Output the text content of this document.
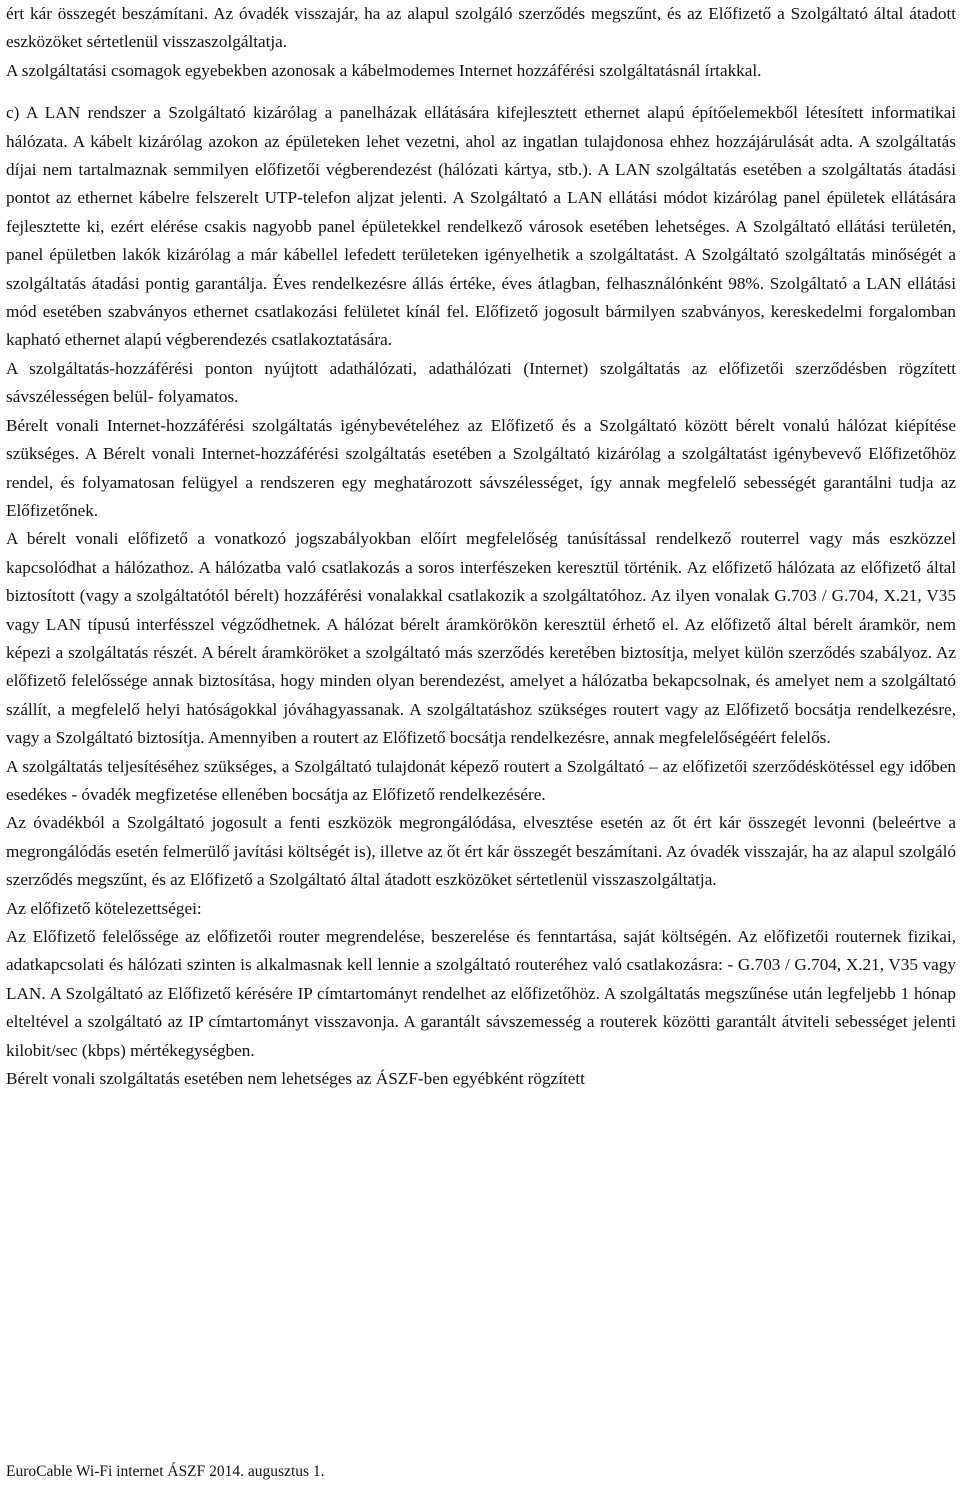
ért kár összegét beszámítani. Az óvadék visszajár, ha az alapul szolgáló szerződés megszűnt, és az Előfizető a Szolgáltató által átadott eszközöket sértetlenül visszaszolgáltatja.

A szolgáltatási csomagok egyebekben azonosak a kábelmodemes Internet hozzáférési szolgáltatásnál írtakkal.

c) A LAN rendszer a Szolgáltató kizárólag a panelházak ellátására kifejlesztett ethernet alapú építőelemekből létesített informatikai hálózata. A kábelt kizárólag azokon az épületeken lehet vezetni, ahol az ingatlan tulajdonosa ehhez hozzájárulását adta. A szolgáltatás díjai nem tartalmaznak semmilyen előfizetői végberendezést (hálózati kártya, stb.). A LAN szolgáltatás esetében a szolgáltatás átadási pontot az ethernet kábelre felszerelt UTP-telefon aljzat jelenti. A Szolgáltató a LAN ellátási módot kizárólag panel épületek ellátására fejlesztette ki, ezért elérése csakis nagyobb panel épületekkel rendelkező városok esetében lehetséges. A Szolgáltató ellátási területén, panel épületben lakók kizárólag a már kábellel lefedett területeken igényelhetik a szolgáltatást. A Szolgáltató szolgáltatás minőségét a szolgáltatás átadási pontig garantálja. Éves rendelkezésre állás értéke, éves átlagban, felhasználónként 98%. Szolgáltató a LAN ellátási mód esetében szabványos ethernet csatlakozási felületet kínál fel. Előfizető jogosult bármilyen szabványos, kereskedelmi forgalomban kapható ethernet alapú végberendezés csatlakoztatására.

A szolgáltatás-hozzáférési ponton nyújtott adathálózati, adathálózati (Internet) szolgáltatás az előfizetői szerződésben rögzített sávszélességen belül- folyamatos.

Bérelt vonali Internet-hozzáférési szolgáltatás igénybevételéhez az Előfizető és a Szolgáltató között bérelt vonalú hálózat kiépítése szükséges. A Bérelt vonali Internet-hozzáférési szolgáltatás esetében a Szolgáltató kizárólag a szolgáltatást igénybevevő Előfizetőhöz rendel, és folyamatosan felügyel a rendszeren egy meghatározott sávszélességet, így annak megfelelő sebességét garantálni tudja az Előfizetőnek.

A bérelt vonali előfizető a vonatkozó jogszabályokban előírt megfelelőség tanúsítással rendelkező routerrel vagy más eszközzel kapcsolódhat a hálózathoz. A hálózatba való csatlakozás a soros interfészeken keresztül történik. Az előfizető hálózata az előfizető által biztosított (vagy a szolgáltatótól bérelt) hozzáférési vonalakkal csatlakozik a szolgáltatóhoz. Az ilyen vonalak G.703 / G.704, X.21, V35 vagy LAN típusú interfésszel végződhetnek. A hálózat bérelt áramkörökön keresztül érhető el. Az előfizető által bérelt áramkör, nem képezi a szolgáltatás részét. A bérelt áramköröket a szolgáltató más szerződés keretében biztosítja, melyet külön szerződés szabályoz. Az előfizető felelőssége annak biztosítása, hogy minden olyan berendezést, amelyet a hálózatba bekapcsolnak, és amelyet nem a szolgáltató szállít, a megfelelő helyi hatóságokkal jóváhagyassanak. A szolgáltatáshoz szükséges routert vagy az Előfizető bocsátja rendelkezésre, vagy a Szolgáltató biztosítja. Amennyiben a routert az Előfizető bocsátja rendelkezésre, annak megfelelőségéért felelős.

A szolgáltatás teljesítéséhez szükséges, a Szolgáltató tulajdonát képező routert a Szolgáltató – az előfizetői szerződéskötéssel egy időben esedékes - óvadék megfizetése ellenében bocsátja az Előfizető rendelkezésére.

Az óvadékból a Szolgáltató jogosult a fenti eszközök megrongálódása, elvesztése esetén az őt ért kár összegét levonni (beleértve a megrongálódás esetén felmerülő javítási költségét is), illetve az őt ért kár összegét beszámítani. Az óvadék visszajár, ha az alapul szolgáló szerződés megszűnt, és az Előfizető a Szolgáltató által átadott eszközöket sértetlenül visszaszolgáltatja.

Az előfizető kötelezettségei:

Az Előfizető felelőssége az előfizetői router megrendelése, beszerelése és fenntartása, saját költségén. Az előfizetői routernek fizikai, adatkapcsolati és hálózati szinten is alkalmasnak kell lennie a szolgáltató routeréhez való csatlakozásra: - G.703 / G.704, X.21, V35 vagy LAN. A Szolgáltató az Előfizető kérésére IP címtartományt rendelhet az előfizetőhöz. A szolgáltatás megszűnése után legfeljebb 1 hónap elteltével a szolgáltató az IP címtartományt visszavonja. A garantált sávszemesség a routerek közötti garantált átviteli sebességet jelenti kilobit/sec (kbps) mértékegységben.

Bérelt vonali szolgáltatás esetében nem lehetséges az ÁSZF-ben egyébként rögzített

EuroCable Wi-Fi internet ÁSZF 2014. augusztus 1.
